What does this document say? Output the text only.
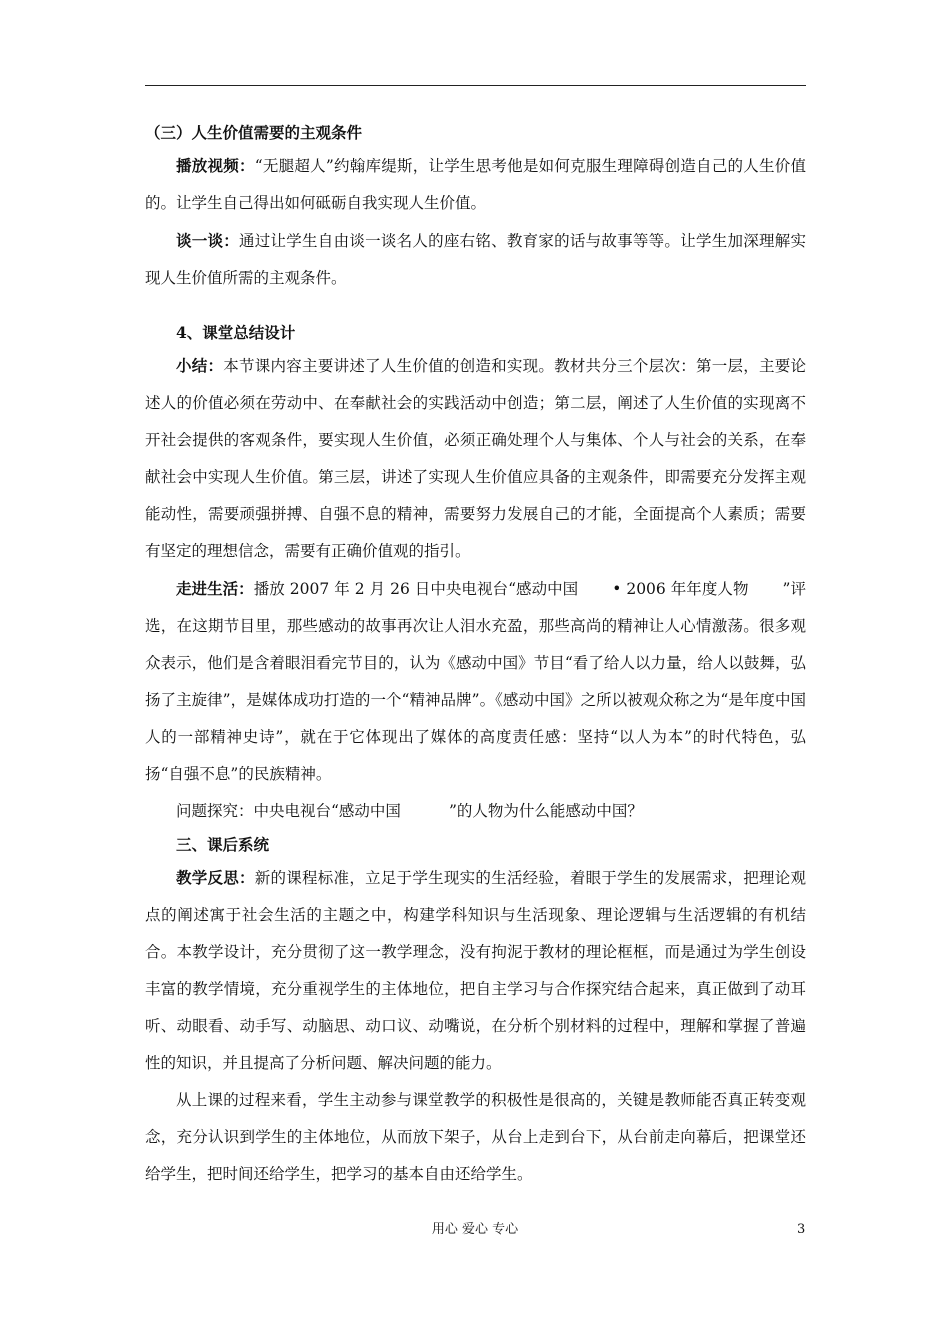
（三）人生价值需要的主观条件

播放视频：“无腿超人”约翰库缇斯，让学生思考他是如何克服生理障碍创造自己的人生价值的。让学生自己得出如何砥砺自我实现人生价值。

谈一谈：通过让学生自由谈一谈名人的座右铭、教育家的话与故事等等。让学生加深理解实现人生价值所需的主观条件。

4、课堂总结设计

小结：本节课内容主要讲述了人生价值的创造和实现。教材共分三个层次：第一层，主要论述人的价值必须在劳动中、在奉献社会的实践活动中创造；第二层，阐述了人生价值的实现离不开社会提供的客观条件，要实现人生价值，必须正确处理个人与集体、个人与社会的关系，在奉献社会中实现人生价值。第三层，讲述了实现人生价值应具备的主观条件，即需要充分发挥主观能动性，需要顽强拼搏、自强不息的精神，需要努力发展自己的才能，全面提高个人素质；需要有坚定的理想信念，需要有正确价值观的指引。

走进生活：播放 2007 年 2 月 26 日中央电视台“感动中国 • 2006 年年度人物 ”评选，在这期节目里，那些感动的故事再次让人泪水充盈，那些高尚的精神让人心情激荡。很多观众表示，他们是含着眼泪看完节目的，认为《感动中国》节目“看了给人以力量，给人以鼓舞，弘扬了主旋律”，是媒体成功打造的一个“精神品牌”。《感动中国》之所以被观众称之为“是年度中国人的一部精神史诗”，就在于它体现出了媒体的高度责任感：坚持“以人为本”的时代特色，弘扬“自强不息”的民族精神。

问题探究：中央电视台“感动中国	”的人物为什么能感动中国？

三、课后系统

教学反思：新的课程标准，立足于学生现实的生活经验，着眼于学生的发展需求，把理论观点的阐述寓于社会生活的主题之中，构建学科知识与生活现象、理论逻辑与生活逻辑的有机结合。本教学设计，充分贯彻了这一教学理念，没有拘泥于教材的理论框框，而是通过为学生创设丰富的教学情境，充分重视学生的主体地位，把自主学习与合作探究结合起来，真正做到了动耳听、动眼看、动手写、动脑思、动口议、动嘴说，在分析个别材料的过程中，理解和掌握了普遍性的知识，并且提高了分析问题、解决问题的能力。

从上课的过程来看，学生主动参与课堂教学的积极性是很高的，关键是教师能否真正转变观念，充分认识到学生的主体地位，从而放下架子，从台上走到台下，从台前走向幕后，把课堂还给学生，把时间还给学生，把学习的基本自由还给学生。

用心 爱心 专心	3
